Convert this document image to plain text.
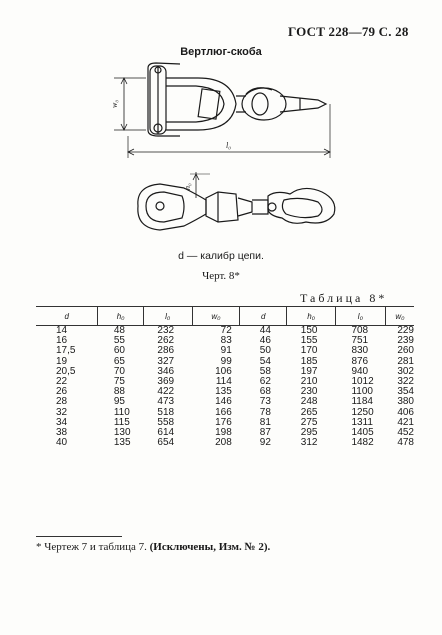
ГОСТ 228—79 С. 28
Вертлюг-скоба
w₀
l₀
h₀
d — калибр цепи.
Черт. 8*
Таблица 8*
d	h₀	l₀	w₀	d	h₀	l₀	w₀
14	48	232	72	44	150	708	229
16	55	262	83	46	155	751	239
17,5	60	286	91	50	170	830	260
19	65	327	99	54	185	876	281
20,5	70	346	106	58	197	940	302
22	75	369	114	62	210	1012	322
26	88	422	135	68	230	1100	354
28	95	473	146	73	248	1184	380
32	110	518	166	78	265	1250	406
34	115	558	176	81	275	1311	421
38	130	614	198	87	295	1405	452
40	135	654	208	92	312	1482	478
* Чертеж 7 и таблица 7. (Исключены, Изм. № 2).
